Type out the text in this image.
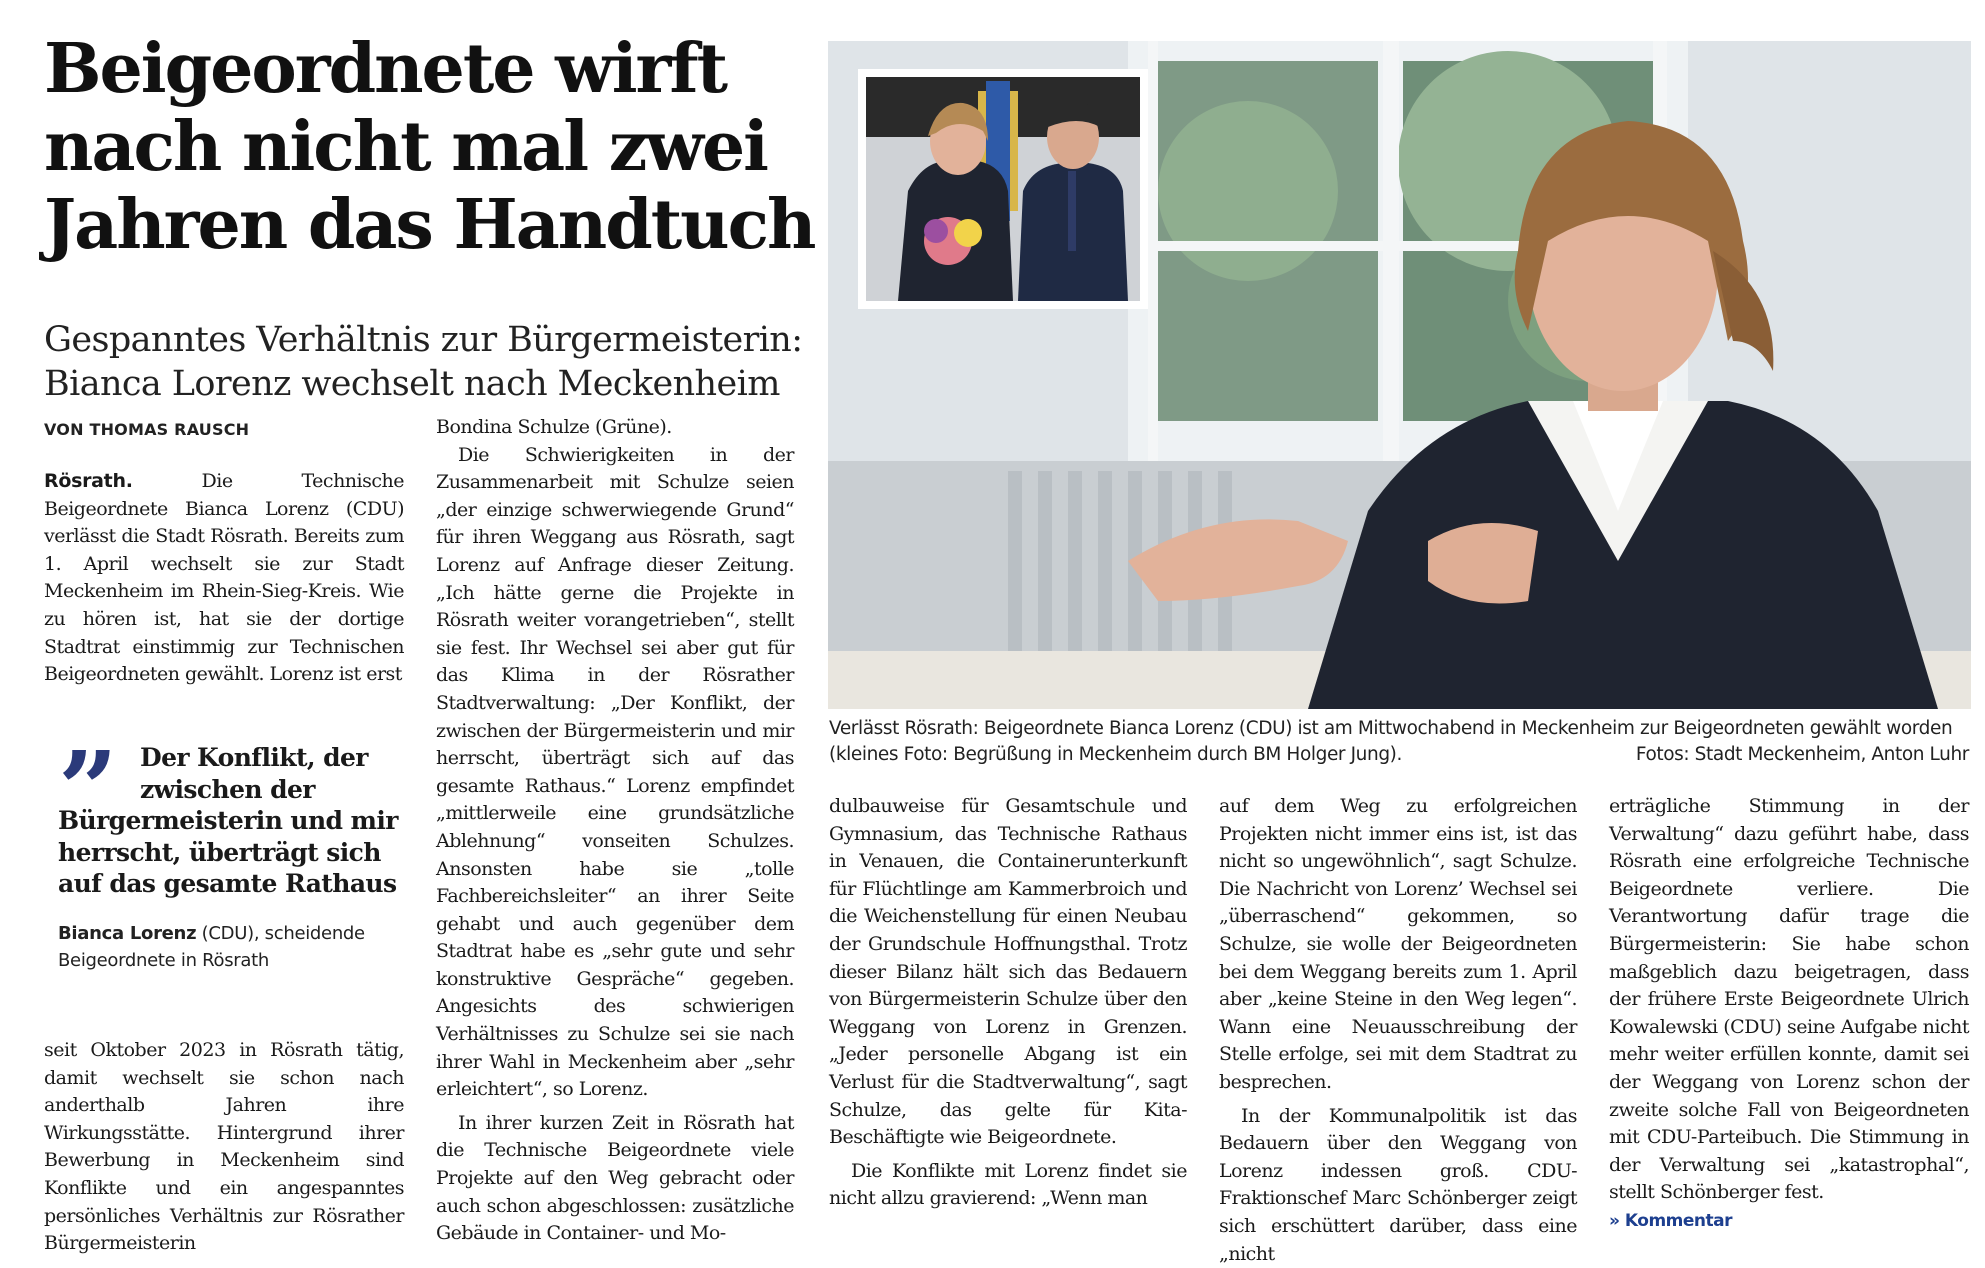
Beigeordnete wirft
nach nicht mal zwei
Jahren das Handtuch
Gespanntes Verhältnis zur Bürgermeisterin:
Bianca Lorenz wechselt nach Meckenheim
VON THOMAS RAUSCH

Rösrath.	Die Technische Beigeordnete Bianca Lorenz (CDU) verlässt die Stadt Rösrath. Bereits zum 1. April wechselt sie zur Stadt Meckenheim im Rhein-Sieg-Kreis. Wie zu hören ist, hat sie der dortige Stadtrat einstimmig zur Technischen Beigeordneten gewählt. Lorenz ist erst

” Der Konflikt, der
zwischen der
Bürgermeisterin und mir
herrscht, überträgt sich
auf das gesamte Rathaus
Bianca Lorenz (CDU), scheidende Beigeordnete in Rösrath

seit Oktober 2023 in Rösrath tätig, damit wechselt sie schon nach anderthalb Jahren ihre Wirkungsstätte. Hintergrund ihrer Bewerbung in Meckenheim sind Konflikte und ein angespanntes persönliches Verhältnis zur Rösrather Bürgermeisterin

Bondina Schulze (Grüne).

Die Schwierigkeiten in der Zusammenarbeit mit Schulze seien „der einzige schwerwiegende Grund“ für ihren Weggang aus Rösrath, sagt Lorenz auf Anfrage dieser Zeitung. „Ich hätte gerne die Projekte in Rösrath weiter vorangetrieben“, stellt sie fest. Ihr Wechsel sei aber gut für das Klima in der Rösrather Stadtverwaltung: „Der Konflikt, der zwischen der Bürgermeisterin und mir herrscht, überträgt sich auf das gesamte Rathaus.“ Lorenz empfindet „mittlerweile eine grundsätzliche Ablehnung“ vonseiten Schulzes. Ansonsten habe sie „tolle Fachbereichsleiter“ an ihrer Seite gehabt und auch gegenüber dem Stadtrat habe es „sehr gute und sehr konstruktive Gespräche“ gegeben. Angesichts des schwierigen Verhältnisses zu Schulze sei sie nach ihrer Wahl in Meckenheim aber „sehr erleichtert“, so Lorenz.

In ihrer kurzen Zeit in Rösrath hat die Technische Beigeordnete viele Projekte auf den Weg gebracht oder auch schon abgeschlossen: zusätzliche Gebäude in Container- und Mo-

Verlässt Rösrath: Beigeordnete Bianca Lorenz (CDU) ist am Mittwochabend in Meckenheim zur Beigeordneten gewählt worden (kleines Foto: Begrüßung in Meckenheim durch BM Holger Jung).	Fotos: Stadt Meckenheim, Anton Luhr

dulbauweise für Gesamtschule und Gymnasium, das Technische Rathaus in Venauen, die Containerunterkunft für Flüchtlinge am Kammerbroich und die Weichenstellung für einen Neubau der Grundschule Hoffnungsthal. Trotz dieser Bilanz hält sich das Bedauern von Bürgermeisterin Schulze über den Weggang von Lorenz in Grenzen. „Jeder personelle Abgang ist ein Verlust für die Stadtverwaltung“, sagt Schulze, das gelte für Kita-Beschäftigte wie Beigeordnete.

Die Konflikte mit Lorenz findet sie nicht allzu gravierend: „Wenn man

auf dem Weg zu erfolgreichen Projekten nicht immer eins ist, ist das nicht so ungewöhnlich“, sagt Schulze. Die Nachricht von Lorenz’ Wechsel sei „überraschend“ gekommen, so Schulze, sie wolle der Beigeordneten bei dem Weggang bereits zum 1. April aber „keine Steine in den Weg legen“. Wann eine Neuausschreibung der Stelle erfolge, sei mit dem Stadtrat zu besprechen.

In der Kommunalpolitik ist das Bedauern über den Weggang von Lorenz indessen groß. CDU-Fraktionschef Marc Schönberger zeigt sich erschüttert darüber, dass eine „nicht

erträgliche Stimmung in der Verwaltung“ dazu geführt habe, dass Rösrath eine erfolgreiche Technische Beigeordnete verliere. Die Verantwortung dafür trage die Bürgermeisterin: Sie habe schon maßgeblich dazu beigetragen, dass der frühere Erste Beigeordnete Ulrich Kowalewski (CDU) seine Aufgabe nicht mehr weiter erfüllen konnte, damit sei der Weggang von Lorenz schon der zweite solche Fall von Beigeordneten mit CDU-Parteibuch. Die Stimmung in der Verwaltung sei „katastrophal“, stellt Schönberger fest.

» Kommentar
